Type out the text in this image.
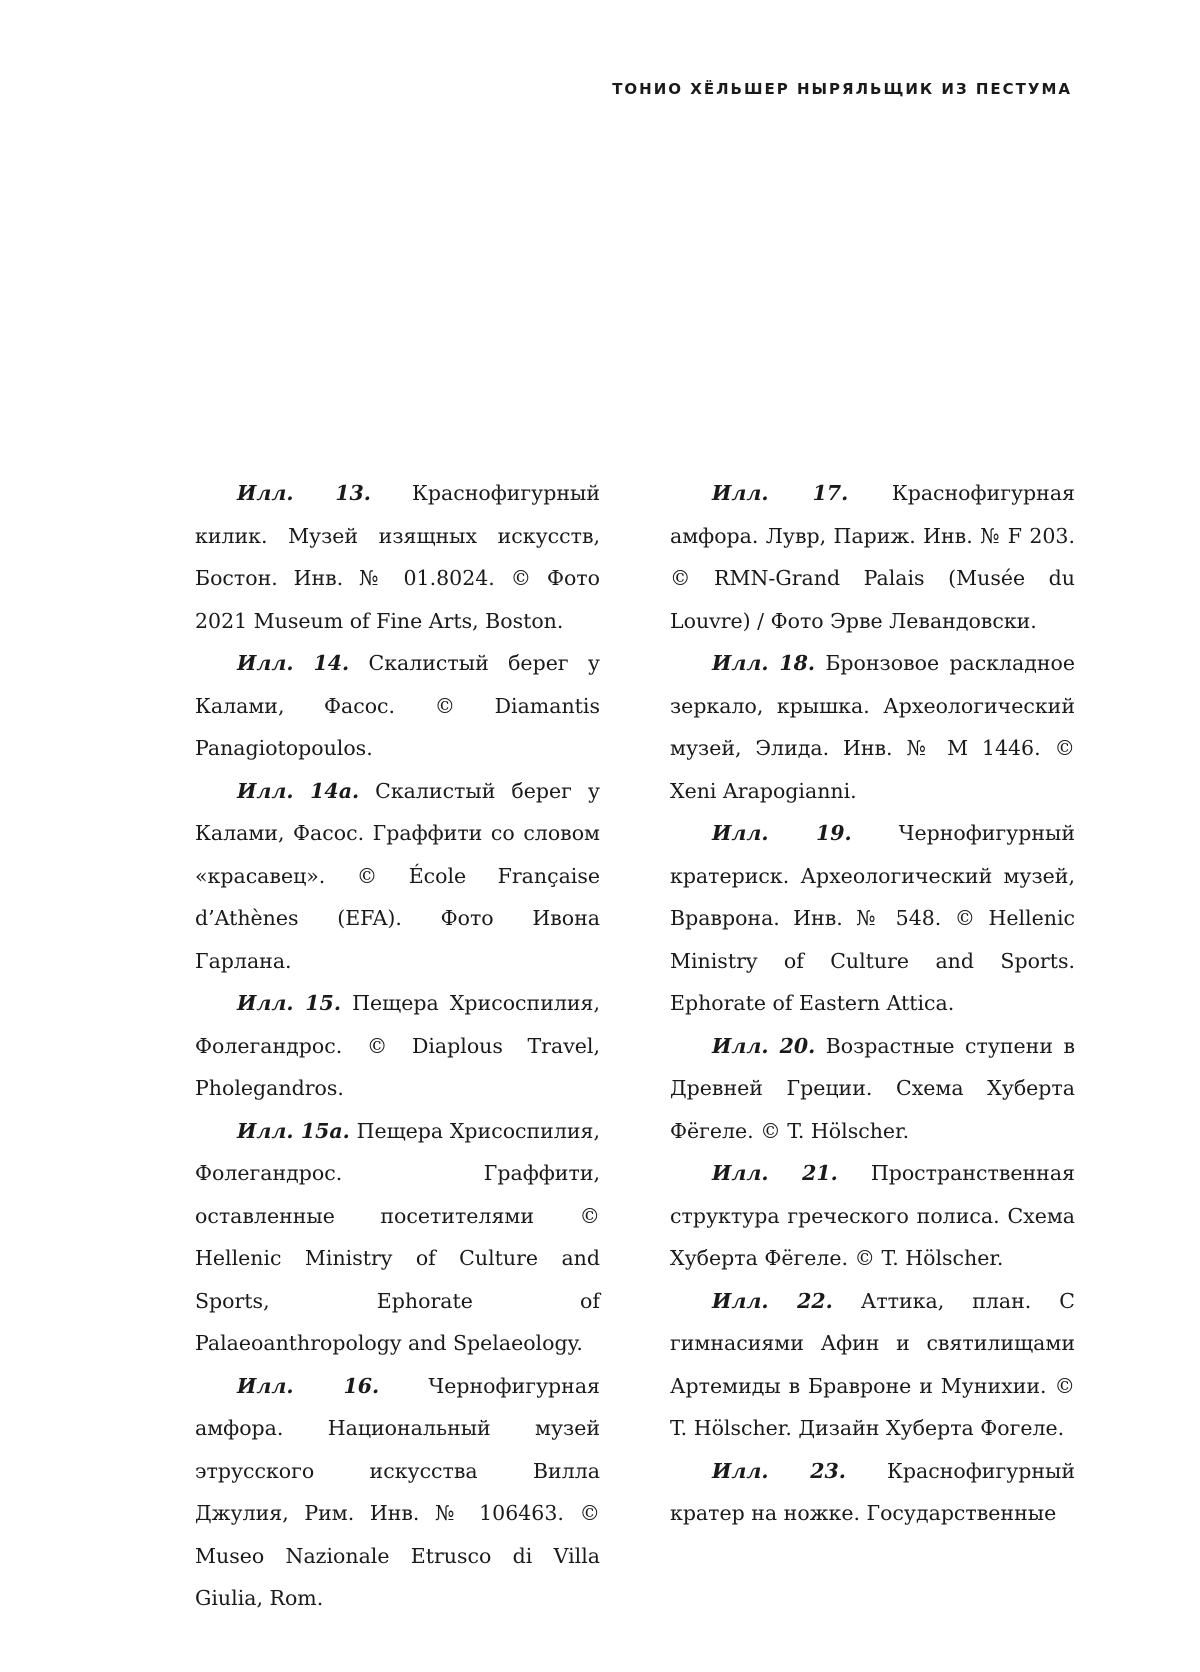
ТОНИО ХЁЛЬШЕР НЫРЯЛЬЩИК ИЗ ПЕСТУМА

Илл. 13. Краснофигурный килик. Музей изящных искусств, Бостон. Инв. № 01.8024. © Фото 2021 Museum of Fine Arts, Boston.

Илл. 14. Скалистый берег у Калами, Фасос. © Diamantis Panagiotopoulos.

Илл. 14а. Скалистый берег у Калами, Фасос. Граффити со словом «красавец». © École Française d’Athènes (EFA). Фото Ивона Гарлана.

Илл. 15. Пещера Хрисоспилия, Фолегандрос. © Diaplous Travel, Pholegandros.

Илл. 15а. Пещера Хрисоспилия, Фолегандрос. Граффити, оставленные посетителями © Hellenic Ministry of Culture and Sports, Ephorate of Palaeoanthropology and Spelaeology.

Илл. 16. Чернофигурная амфора. Национальный музей этрусского искусства Вилла Джулия, Рим. Инв. № 106463. © Museo Nazionale Etrusco di Villa Giulia, Rom.

Илл. 17. Краснофигурная амфора. Лувр, Париж. Инв. № F 203. © RMN-Grand Palais (Musée du Louvre) / Фото Эрве Левандовски.

Илл. 18. Бронзовое раскладное зеркало, крышка. Археологический музей, Элида. Инв. № М 1446. © Xeni Arapogianni.

Илл. 19. Чернофигурный кратериск. Археологический музей, Вравронa. Инв. № 548. © Hellenic Ministry of Culture and Sports. Ephorate of Eastern Attica.

Илл. 20. Возрастные ступени в Древней Греции. Схема Хуберта Фёгеле. © T. Hölscher.

Илл. 21. Пространственная структура греческого полиса. Схема Хуберта Фёгеле. © T. Hölscher.

Илл. 22. Аттика, план. С гимнасиями Афин и святилищами Артемиды в Бравроне и Мунихии. © T. Hölscher. Дизайн Хуберта Фогеле.

Илл. 23. Краснофигурный кратер на ножке. Государственные
